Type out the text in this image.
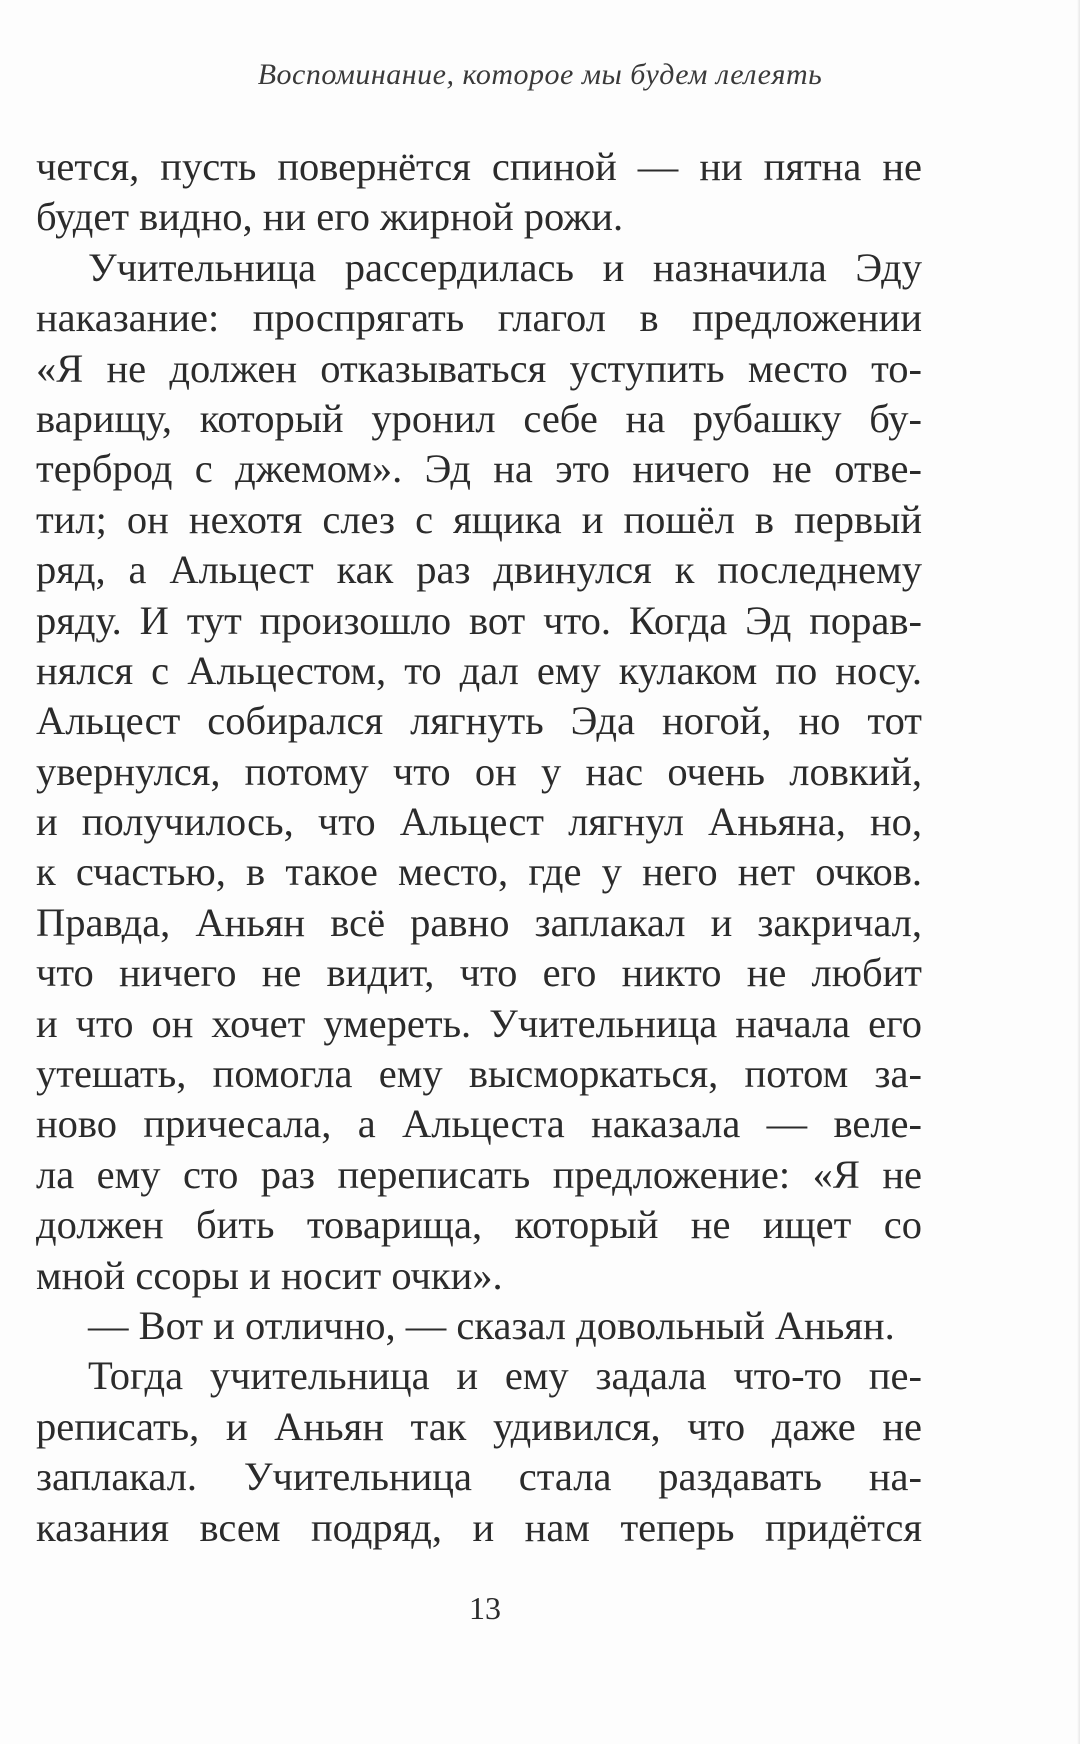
Воспоминание, которое мы будем лелеять
чется, пусть повернётся спиной — ни пятна не
будет видно, ни его жирной рожи.
Учительница рассердилась и назначила Эду
наказание: проспрягать глагол в предложении
«Я не должен отказываться уступить место то-
варищу, который уронил себе на рубашку бу-
терброд с джемом». Эд на это ничего не отве-
тил; он нехотя слез с ящика и пошёл в первый
ряд, а Альцест как раз двинулся к последнему
ряду. И тут произошло вот что. Когда Эд порав-
нялся с Альцестом, то дал ему кулаком по носу.
Альцест собирался лягнуть Эда ногой, но тот
увернулся, потому что он у нас очень ловкий,
и получилось, что Альцест лягнул Аньяна, но,
к счастью, в такое место, где у него нет очков.
Правда, Аньян всё равно заплакал и закричал,
что ничего не видит, что его никто не любит
и что он хочет умереть. Учительница начала его
утешать, помогла ему высморкаться, потом за-
ново причесала, а Альцеста наказала — веле-
ла ему сто раз переписать предложение: «Я не
должен бить товарища, который не ищет со
мной ссоры и носит очки».
— Вот и отлично, — сказал довольный Аньян.
Тогда учительница и ему задала что-то пе-
реписать, и Аньян так удивился, что даже не
заплакал. Учительница стала раздавать на-
казания всем подряд, и нам теперь придётся
13
